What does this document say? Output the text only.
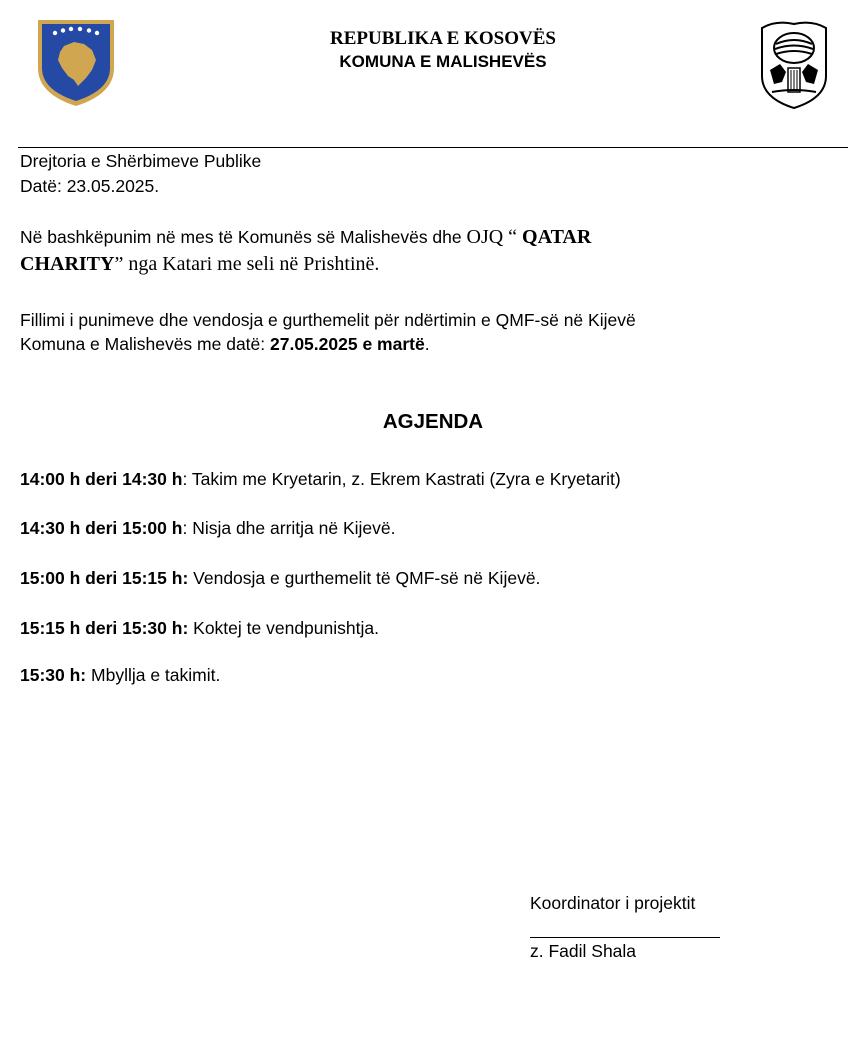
REPUBLIKA E KOSOVËS
KOMUNA E MALISHEVËS
Drejtoria e Shërbimeve Publike
Datë: 23.05.2025.
Në bashkëpunim në mes të Komunës së Malishevës dhe OJQ “ QATAR
CHARITY” nga Katari me seli në Prishtinë.
Fillimi i punimeve dhe vendosja e gurthemelit për ndërtimin e QMF-së në Kijevë
Komuna e Malishevës me datë: 27.05.2025 e martë.
AGJENDA
14:00 h deri 14:30 h: Takim me Kryetarin, z. Ekrem Kastrati (Zyra e Kryetarit)
14:30 h deri 15:00 h: Nisja dhe arritja në Kijevë.
15:00 h deri 15:15 h: Vendosja e gurthemelit të QMF-së në Kijevë.
15:15 h deri 15:30 h: Koktej te vendpunishtja.
15:30 h: Mbyllja e takimit.
Koordinator i projektit
z. Fadil Shala
